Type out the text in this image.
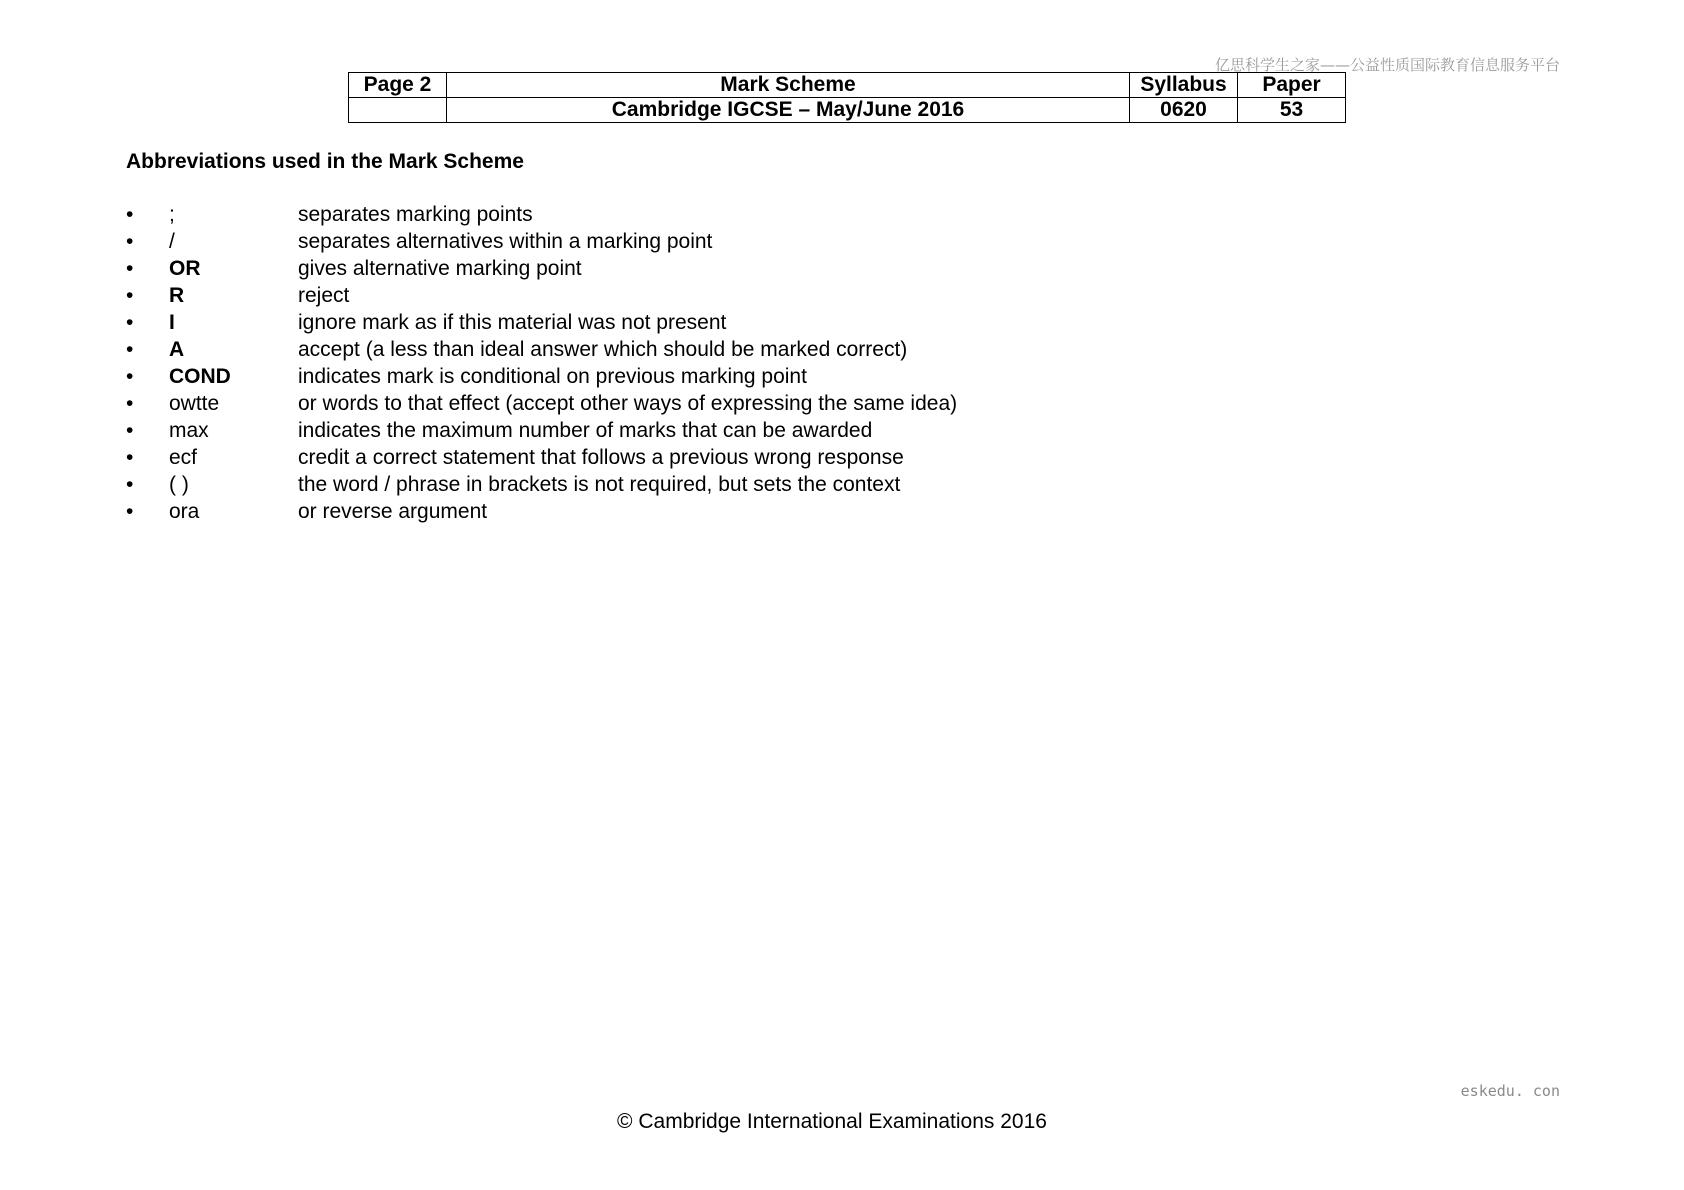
亿思科学生之家——公益性质国际教育信息服务平台
Page 2	Mark Scheme	Syllabus	Paper
	Cambridge IGCSE – May/June 2016	0620	53
Abbreviations used in the Mark Scheme
•	;	separates marking points
•	/	separates alternatives within a marking point
•	OR	gives alternative marking point
•	R	reject
•	I	ignore mark as if this material was not present
•	A	accept (a less than ideal answer which should be marked correct)
•	COND	indicates mark is conditional on previous marking point
•	owtte	or words to that effect (accept other ways of expressing the same idea)
•	max	indicates the maximum number of marks that can be awarded
•	ecf	credit a correct statement that follows a previous wrong response
•	( )	the word / phrase in brackets is not required, but sets the context
•	ora	or reverse argument
eskedu. con
© Cambridge International Examinations 2016
